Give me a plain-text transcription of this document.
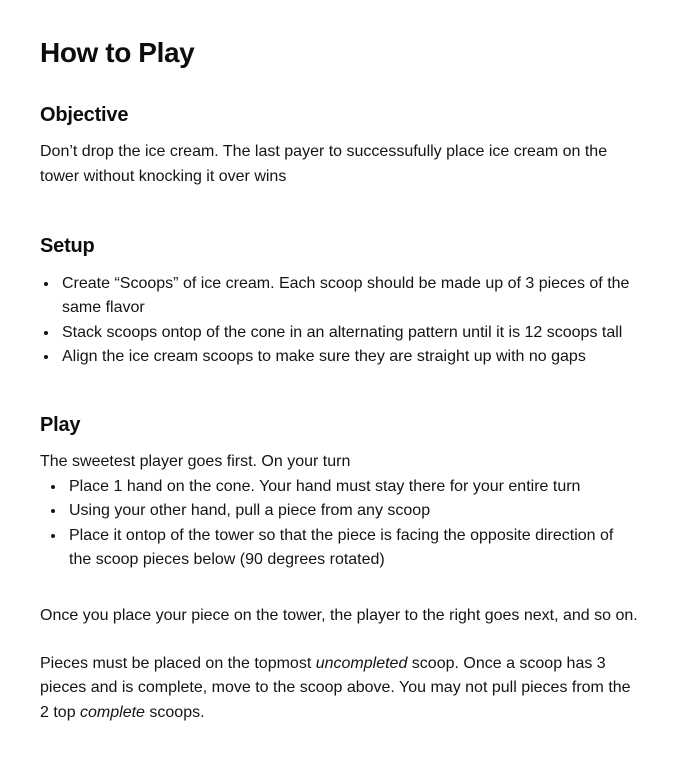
How to Play
Objective

Don’t drop the ice cream. The last payer to successufully place ice cream on the tower without knocking it over wins

Setup
• Create “Scoops” of ice cream. Each scoop should be made up of 3 pieces of the same flavor
• Stack scoops ontop of the cone in an alternating pattern until it is 12 scoops tall
• Align the ice cream scoops to make sure they are straight up with no gaps
Play

The sweetest player goes first. On your turn

• Place 1 hand on the cone. Your hand must stay there for your entire turn
• Using your other hand, pull a piece from any scoop
• Place it ontop of the tower so that the piece is facing the opposite direction of the scoop pieces below (90 degrees rotated)

Once you place your piece on the tower, the player to the right goes next, and so on.

Pieces must be placed on the topmost uncompleted scoop. Once a scoop has 3 pieces and is complete, move to the scoop above. You may not pull pieces from the 2 top complete scoops.
